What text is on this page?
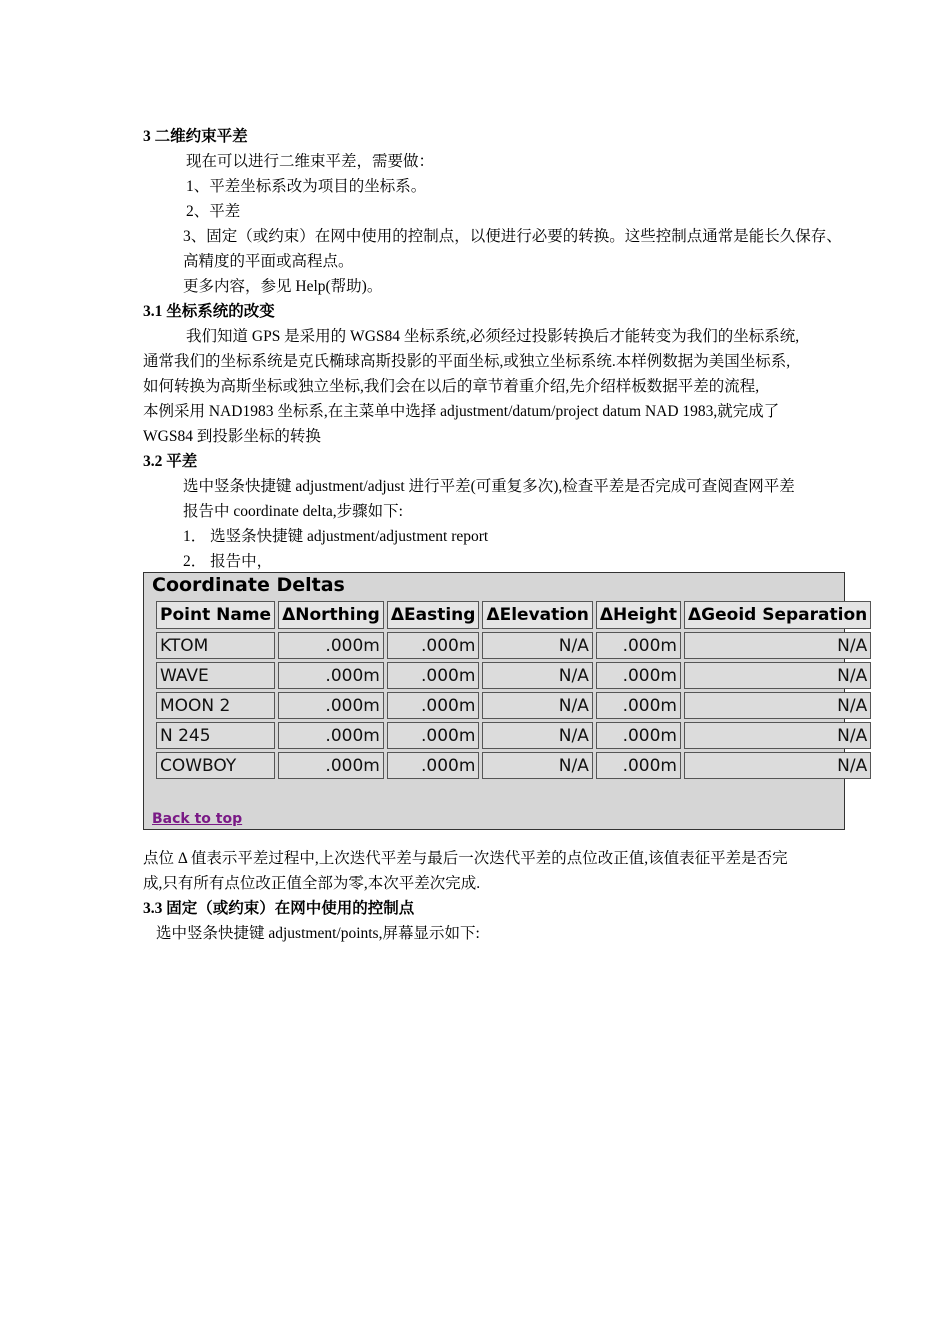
3 二维约束平差
现在可以进行二维束平差，需要做：
1、平差坐标系改为项目的坐标系。
2、平差
3、固定（或约束）在网中使用的控制点，以便进行必要的转换。这些控制点通常是能长久保存、
高精度的平面或高程点。
更多内容，参见 Help(帮助)。
3.1 坐标系统的改变
我们知道 GPS 是采用的 WGS84 坐标系统,必须经过投影转换后才能转变为我们的坐标系统,
通常我们的坐标系统是克氏椭球高斯投影的平面坐标,或独立坐标系统.本样例数据为美国坐标系,
如何转换为高斯坐标或独立坐标,我们会在以后的章节着重介绍,先介绍样板数据平差的流程,
本例采用 NAD1983 坐标系,在主菜单中选择 adjustment/datum/project datum NAD 1983,就完成了
WGS84 到投影坐标的转换
3.2 平差
选中竖条快捷键 adjustment/adjust 进行平差(可重复多次),检查平差是否完成可查阅查网平差
报告中 coordinate delta,步骤如下:
1． 选竖条快捷键 adjustment/adjustment report
2． 报告中，
Coordinate Deltas
Point Name	ΔNorthing	ΔEasting	ΔElevation	ΔHeight	ΔGeoid Separation
KTOM	.000m	.000m	N/A	.000m	N/A
WAVE	.000m	.000m	N/A	.000m	N/A
MOON 2	.000m	.000m	N/A	.000m	N/A
N 245	.000m	.000m	N/A	.000m	N/A
COWBOY	.000m	.000m	N/A	.000m	N/A
Back to top
点位 Δ 值表示平差过程中,上次迭代平差与最后一次迭代平差的点位改正值,该值表征平差是否完
成,只有所有点位改正值全部为零,本次平差次完成.
3.3 固定（或约束）在网中使用的控制点
选中竖条快捷键 adjustment/points,屏幕显示如下:
